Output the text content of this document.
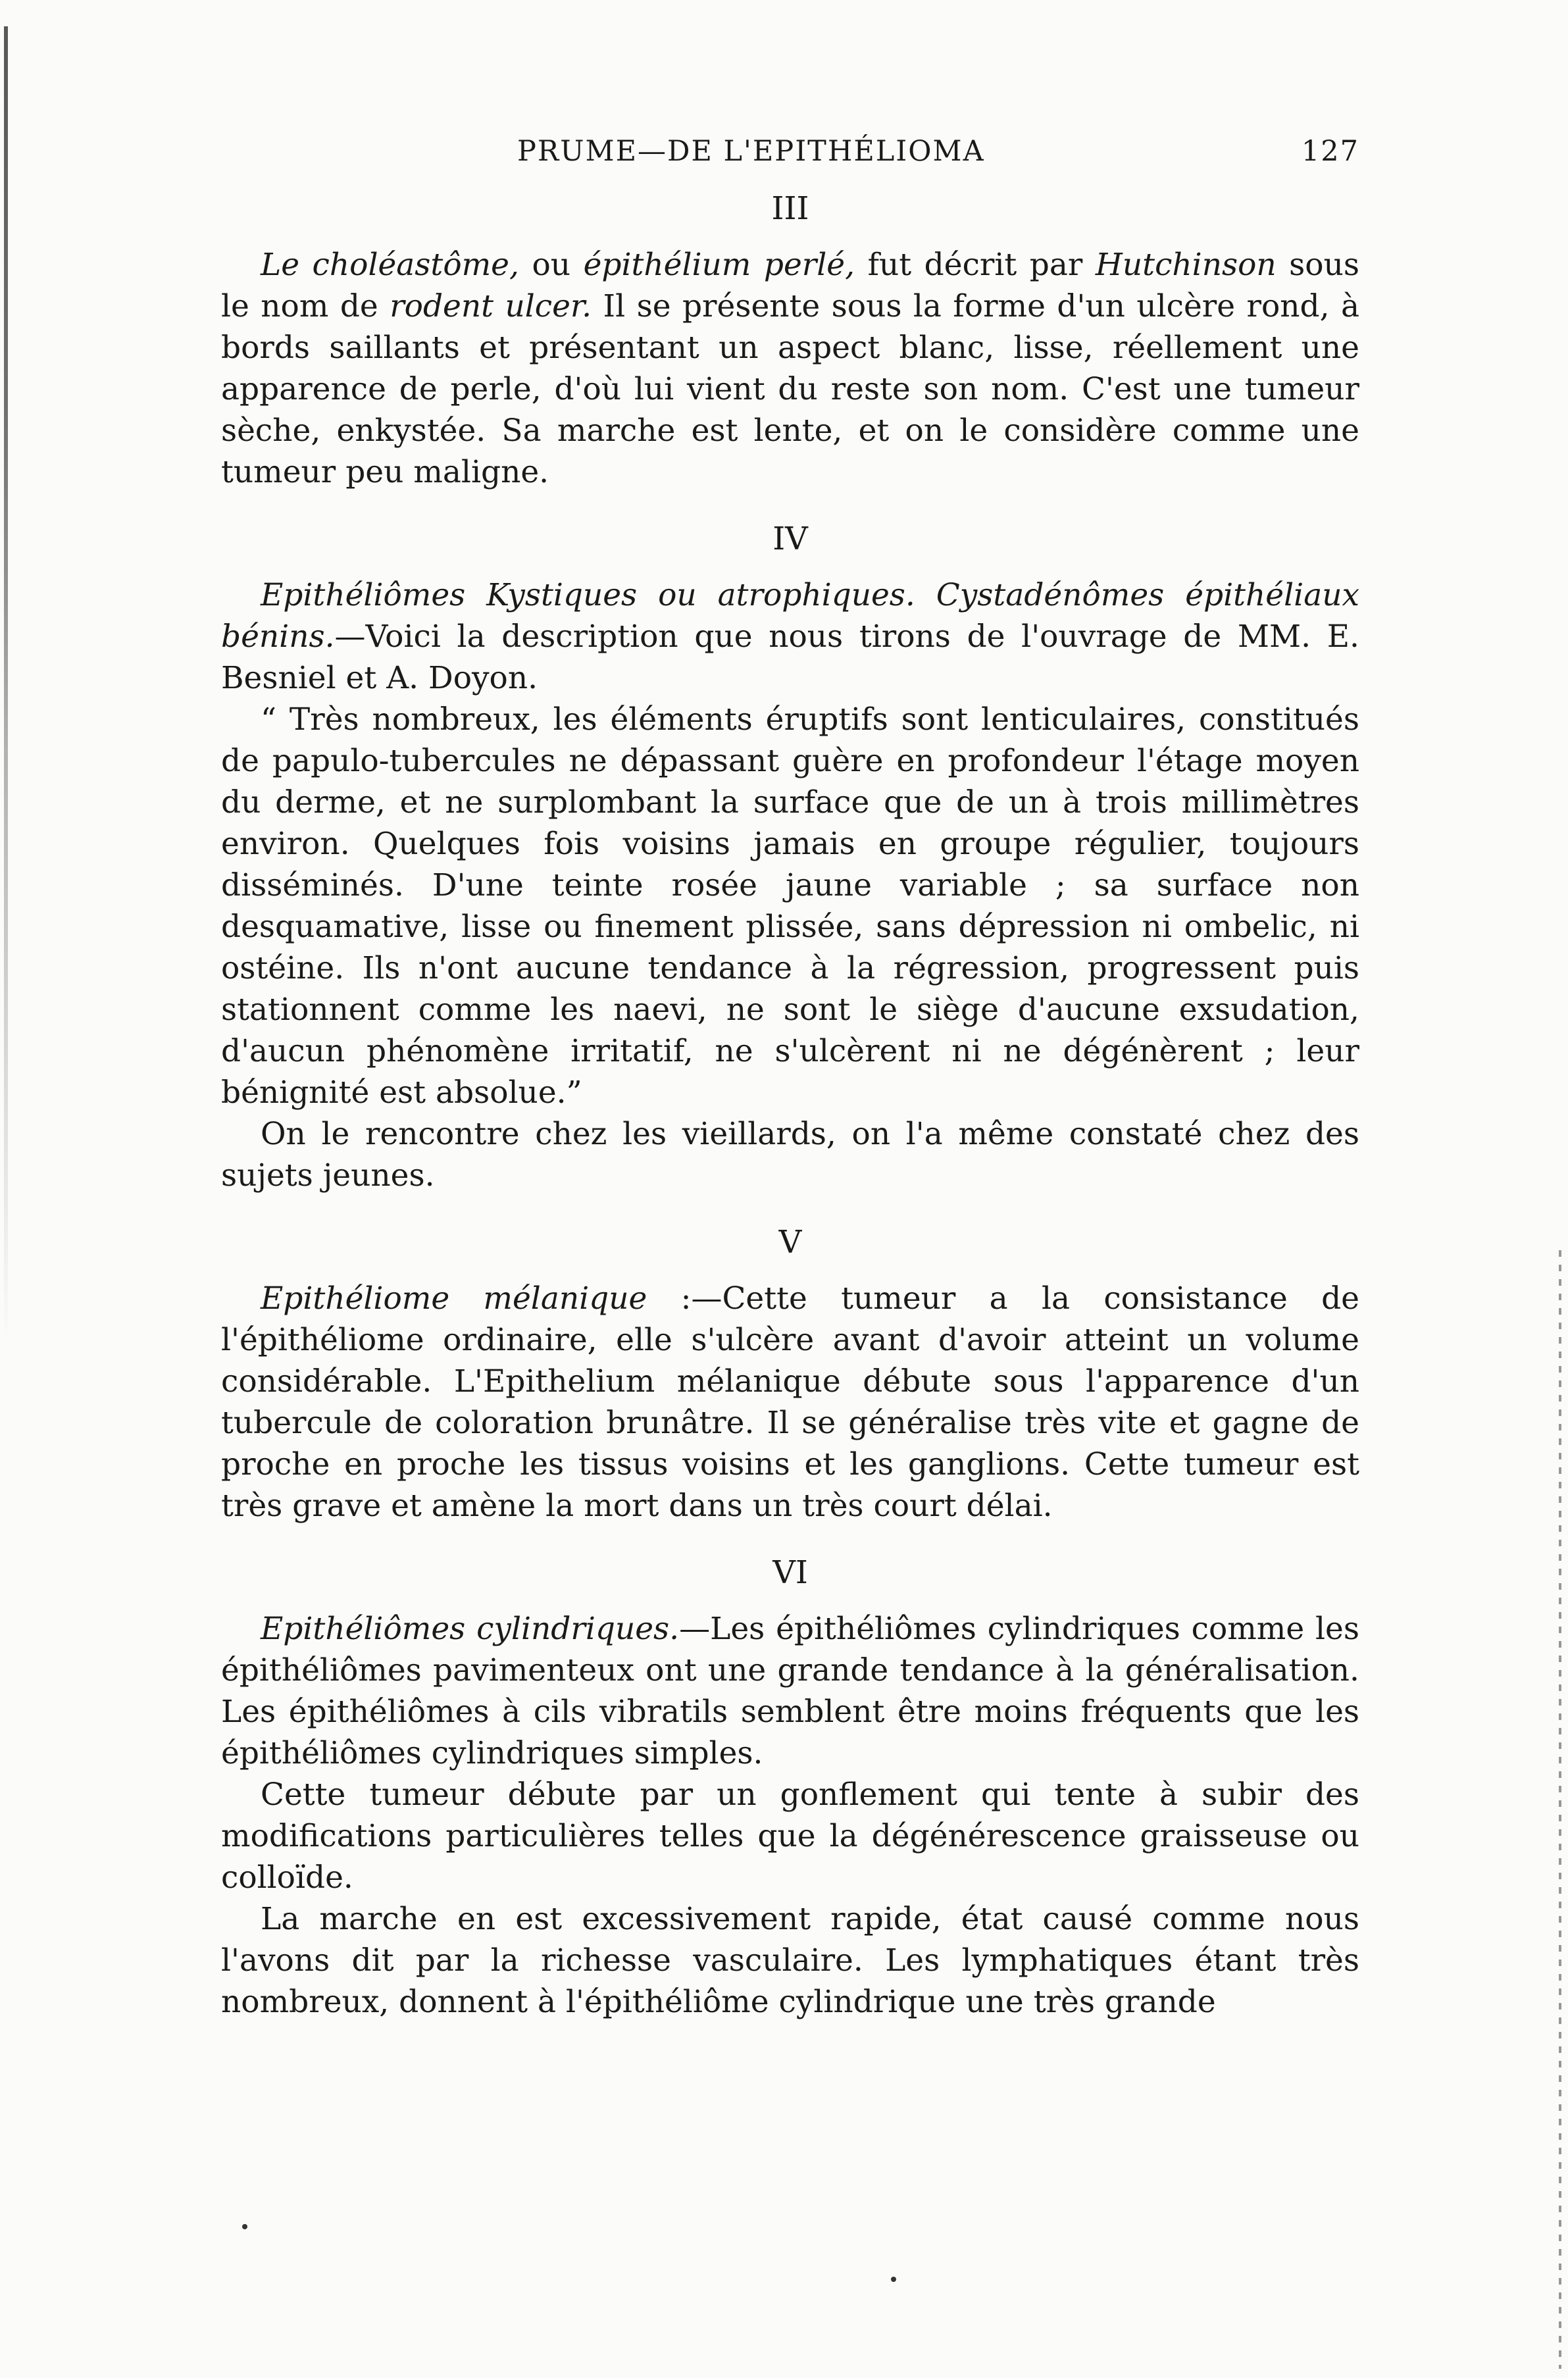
PRUME—DE L'EPITHÉLIOMA	127
III

Le choléastôme, ou épithélium perlé, fut décrit par Hutchinson sous le nom de rodent ulcer. Il se présente sous la forme d'un ulcère rond, à bords saillants et présentant un aspect blanc, lisse, réellement une apparence de perle, d'où lui vient du reste son nom. C'est une tumeur sèche, enkystée. Sa marche est lente, et on le considère comme une tumeur peu maligne.

IV

Epithéliômes Kystiques ou atrophiques. Cystadénômes épithéliaux bénins.—Voici la description que nous tirons de l'ouvrage de MM. E. Besniel et A. Doyon.

“ Très nombreux, les éléments éruptifs sont lenticulaires, constitués de papulo-tubercules ne dépassant guère en profondeur l'étage moyen du derme, et ne surplombant la surface que de un à trois millimètres environ. Quelques fois voisins jamais en groupe régulier, toujours disséminés. D'une teinte rosée jaune variable ; sa surface non desquamative, lisse ou finement plissée, sans dépression ni ombelic, ni ostéine. Ils n'ont aucune tendance à la régression, progressent puis stationnent comme les naevi, ne sont le siège d'aucune exsudation, d'aucun phénomène irritatif, ne s'ulcèrent ni ne dégénèrent ; leur bénignité est absolue.”

On le rencontre chez les vieillards, on l'a même constaté chez des sujets jeunes.

V

Epithéliome mélanique :—Cette tumeur a la consistance de l'épithéliome ordinaire, elle s'ulcère avant d'avoir atteint un volume considérable. L'Epithelium mélanique débute sous l'apparence d'un tubercule de coloration brunâtre. Il se généralise très vite et gagne de proche en proche les tissus voisins et les ganglions. Cette tumeur est très grave et amène la mort dans un très court délai.

VI

Epithéliômes cylindriques.—Les épithéliômes cylindriques comme les épithéliômes pavimenteux ont une grande tendance à la généralisation. Les épithéliômes à cils vibratils semblent être moins fréquents que les épithéliômes cylindriques simples.

Cette tumeur débute par un gonflement qui tente à subir des modifications particulières telles que la dégénérescence graisseuse ou colloïde.

La marche en est excessivement rapide, état causé comme nous l'avons dit par la richesse vasculaire. Les lymphatiques étant très nombreux, donnent à l'épithéliôme cylindrique une très grande
